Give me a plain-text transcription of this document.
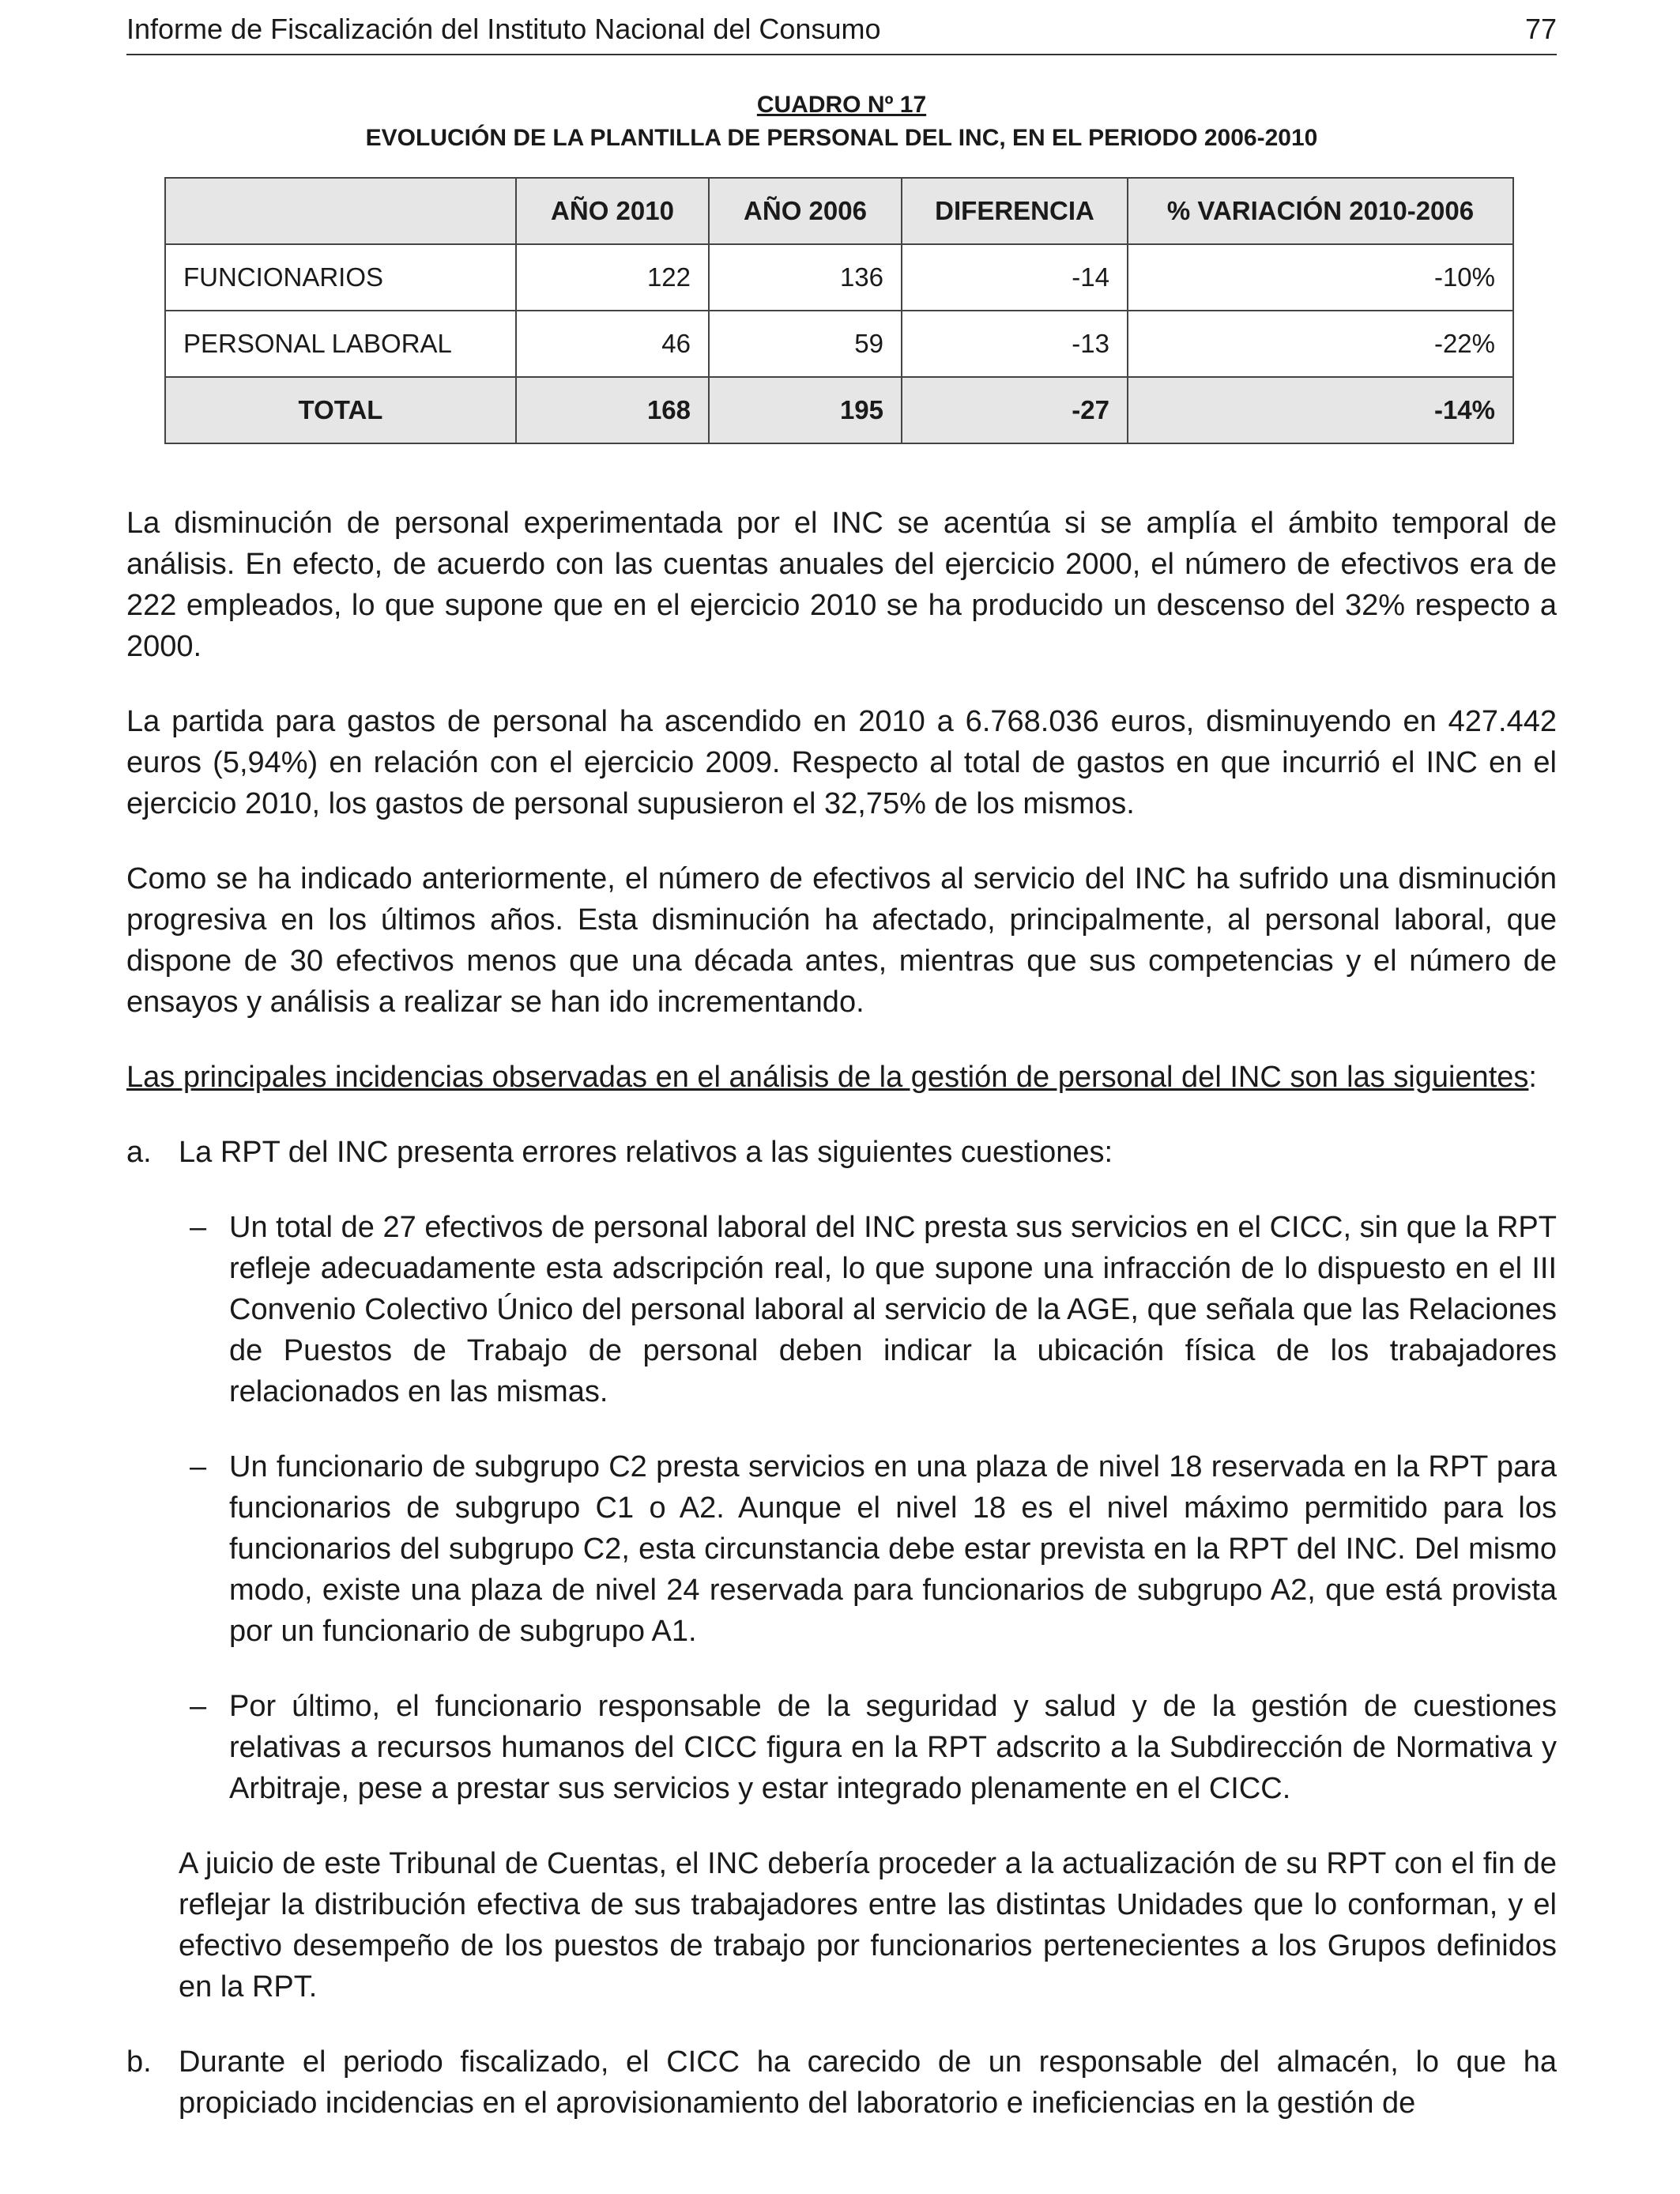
Informe de Fiscalización del Instituto Nacional del Consumo	77
CUADRO Nº 17
EVOLUCIÓN DE LA PLANTILLA DE PERSONAL DEL INC, EN EL PERIODO 2006-2010
	AÑO 2010	AÑO 2006	DIFERENCIA	% VARIACIÓN 2010-2006
FUNCIONARIOS	122	136	-14	-10%
PERSONAL LABORAL	46	59	-13	-22%
TOTAL	168	195	-27	-14%

La disminución de personal experimentada por el INC se acentúa si se amplía el ámbito temporal de análisis. En efecto, de acuerdo con las cuentas anuales del ejercicio 2000, el número de efectivos era de 222 empleados, lo que supone que en el ejercicio 2010 se ha producido un descenso del 32% respecto a 2000.

La partida para gastos de personal ha ascendido en 2010 a 6.768.036 euros, disminuyendo en 427.442 euros (5,94%) en relación con el ejercicio 2009. Respecto al total de gastos en que incurrió el INC en el ejercicio 2010, los gastos de personal supusieron el 32,75% de los mismos.

Como se ha indicado anteriormente, el número de efectivos al servicio del INC ha sufrido una disminución progresiva en los últimos años. Esta disminución ha afectado, principalmente, al personal laboral, que dispone de 30 efectivos menos que una década antes, mientras que sus competencias y el número de ensayos y análisis a realizar se han ido incrementando.

Las principales incidencias observadas en el análisis de la gestión de personal del INC son las siguientes:

a. La RPT del INC presenta errores relativos a las siguientes cuestiones:
– Un total de 27 efectivos de personal laboral del INC presta sus servicios en el CICC, sin que la RPT refleje adecuadamente esta adscripción real, lo que supone una infracción de lo dispuesto en el III Convenio Colectivo Único del personal laboral al servicio de la AGE, que señala que las Relaciones de Puestos de Trabajo de personal deben indicar la ubicación física de los trabajadores relacionados en las mismas.
– Un funcionario de subgrupo C2 presta servicios en una plaza de nivel 18 reservada en la RPT para funcionarios de subgrupo C1 o A2. Aunque el nivel 18 es el nivel máximo permitido para los funcionarios del subgrupo C2, esta circunstancia debe estar prevista en la RPT del INC. Del mismo modo, existe una plaza de nivel 24 reservada para funcionarios de subgrupo A2, que está provista por un funcionario de subgrupo A1.
– Por último, el funcionario responsable de la seguridad y salud y de la gestión de cuestiones relativas a recursos humanos del CICC figura en la RPT adscrito a la Subdirección de Normativa y Arbitraje, pese a prestar sus servicios y estar integrado plenamente en el CICC.

A juicio de este Tribunal de Cuentas, el INC debería proceder a la actualización de su RPT con el fin de reflejar la distribución efectiva de sus trabajadores entre las distintas Unidades que lo conforman, y el efectivo desempeño de los puestos de trabajo por funcionarios pertenecientes a los Grupos definidos en la RPT.

b. Durante el periodo fiscalizado, el CICC ha carecido de un responsable del almacén, lo que ha propiciado incidencias en el aprovisionamiento del laboratorio e ineficiencias en la gestión de
